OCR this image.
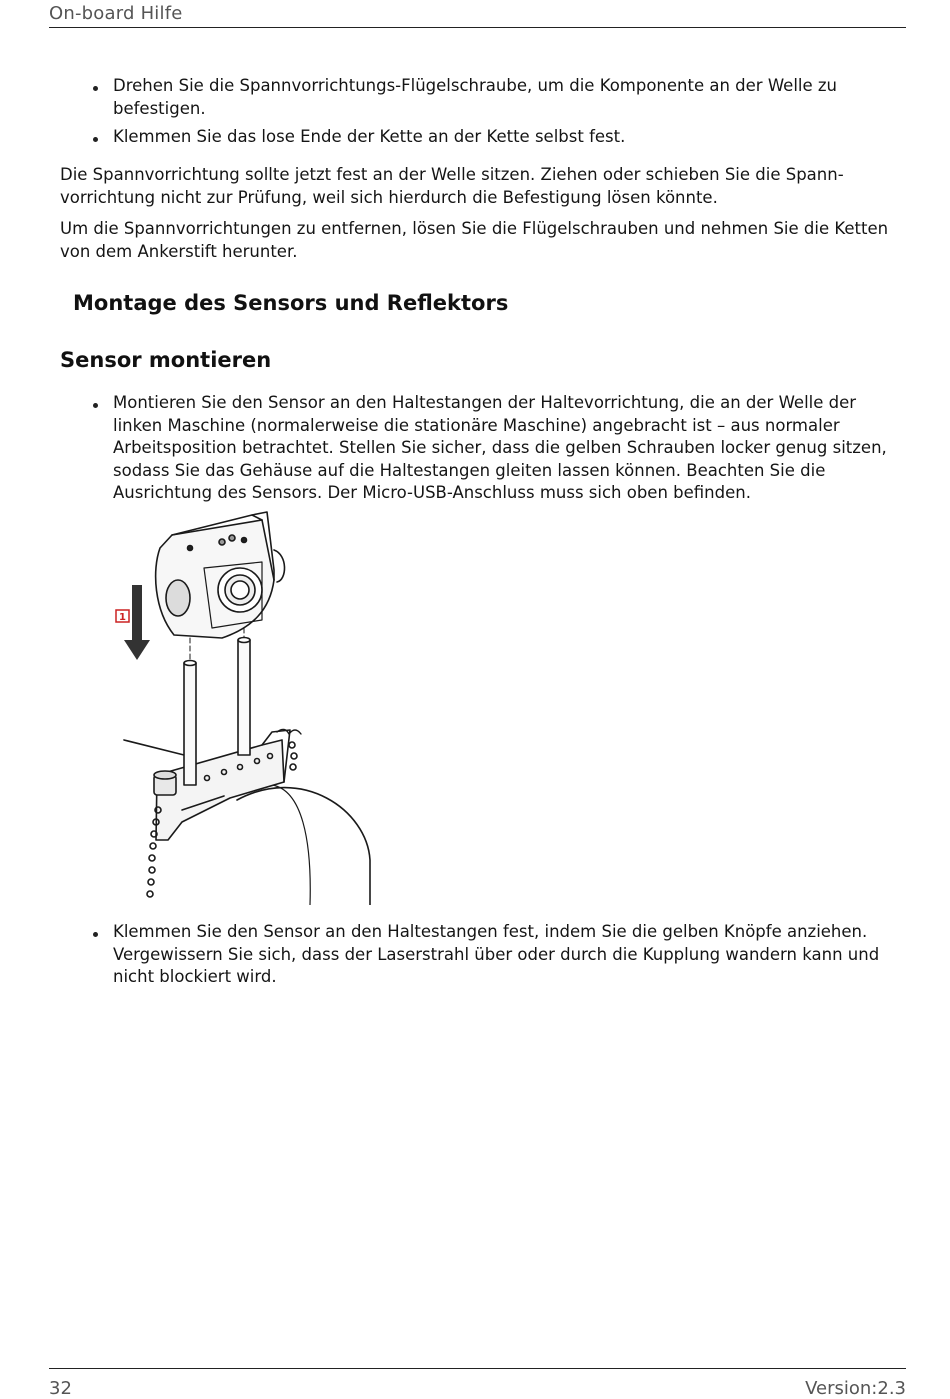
On-board Hilfe
Drehen Sie die Spannvorrichtungs-Flügelschraube, um die Komponente an der Welle zu befestigen.
Klemmen Sie das lose Ende der Kette an der Kette selbst fest.

Die Spannvorrichtung sollte jetzt fest an der Welle sitzen. Ziehen oder schieben Sie die Spannvorrichtung nicht zur Prüfung, weil sich hierdurch die Befestigung lösen könnte.

Um die Spannvorrichtungen zu entfernen, lösen Sie die Flügelschrauben und nehmen Sie die Ketten von dem Ankerstift herunter.

Montage des Sensors und Reflektors
Sensor montieren
Montieren Sie den Sensor an den Haltestangen der Haltevorrichtung, die an der Welle der linken Maschine (normalerweise die stationäre Maschine) angebracht ist – aus normaler Arbeitsposition betrachtet. Stellen Sie sicher, dass die gelben Schrauben locker genug sitzen, sodass Sie das Gehäuse auf die Haltestangen gleiten lassen können. Beachten Sie die Ausrichtung des Sensors. Der Micro-USB-Anschluss muss sich oben befinden.
1
Klemmen Sie den Sensor an den Haltestangen fest, indem Sie die gelben Knöpfe anziehen. Vergewissern Sie sich, dass der Laserstrahl über oder durch die Kupplung wandern kann und nicht blockiert wird.
32	Version:2.3
